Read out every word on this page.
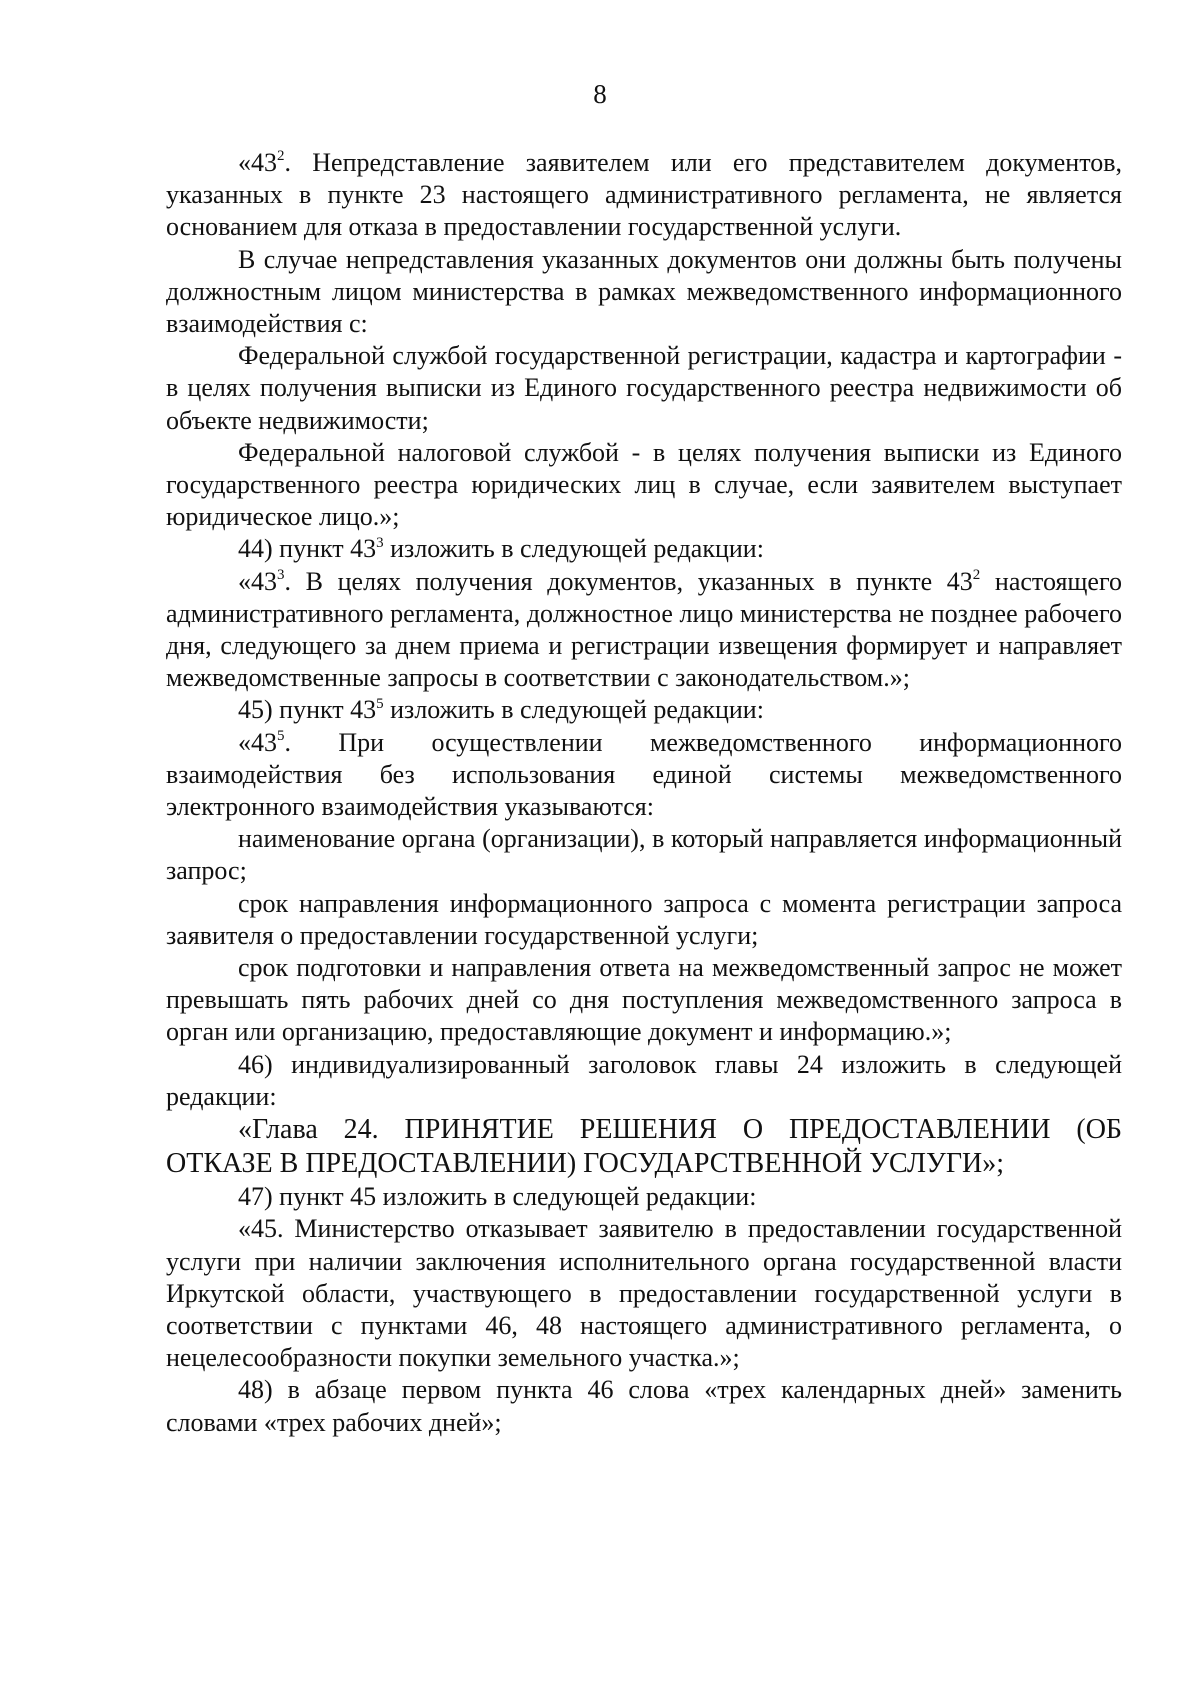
8

«$43^2$. Непредставление заявителем или его представителем документов, указанных в пункте 23 настоящего административного регламента, не является основанием для отказа в предоставлении государственной услуги.

В случае непредставления указанных документов они должны быть получены должностным лицом министерства в рамках межведомственного информационного взаимодействия с:

Федеральной службой государственной регистрации, кадастра и картографии - в целях получения выписки из Единого государственного реестра недвижимости об объекте недвижимости;

Федеральной налоговой службой - в целях получения выписки из Единого государственного реестра юридических лиц в случае, если заявителем выступает юридическое лицо.»;

44) пункт $43^3$ изложить в следующей редакции:

«$43^3$. В целях получения документов, указанных в пункте $43^2$ настоящего административного регламента, должностное лицо министерства не позднее рабочего дня, следующего за днем приема и регистрации извещения формирует и направляет межведомственные запросы в соответствии с законодательством.»;

45) пункт $43^5$ изложить в следующей редакции:

«$43^5$. При осуществлении межведомственного информационного взаимодействия без использования единой системы межведомственного электронного взаимодействия указываются:

наименование органа (организации), в который направляется информационный запрос;

срок направления информационного запроса с момента регистрации запроса заявителя о предоставлении государственной услуги;

срок подготовки и направления ответа на межведомственный запрос не может превышать пять рабочих дней со дня поступления межведомственного запроса в орган или организацию, предоставляющие документ и информацию.»;

46) индивидуализированный заголовок главы 24 изложить в следующей редакции:

«Глава 24. ПРИНЯТИЕ РЕШЕНИЯ О ПРЕДОСТАВЛЕНИИ (ОБ ОТКАЗЕ В ПРЕДОСТАВЛЕНИИ) ГОСУДАРСТВЕННОЙ УСЛУГИ»;

47) пункт 45 изложить в следующей редакции:

«45. Министерство отказывает заявителю в предоставлении государственной услуги при наличии заключения исполнительного органа государственной власти Иркутской области, участвующего в предоставлении государственной услуги в соответствии с пунктами 46, 48 настоящего административного регламента, о нецелесообразности покупки земельного участка.»;

48) в абзаце первом пункта 46 слова «трех календарных дней» заменить словами «трех рабочих дней»;
